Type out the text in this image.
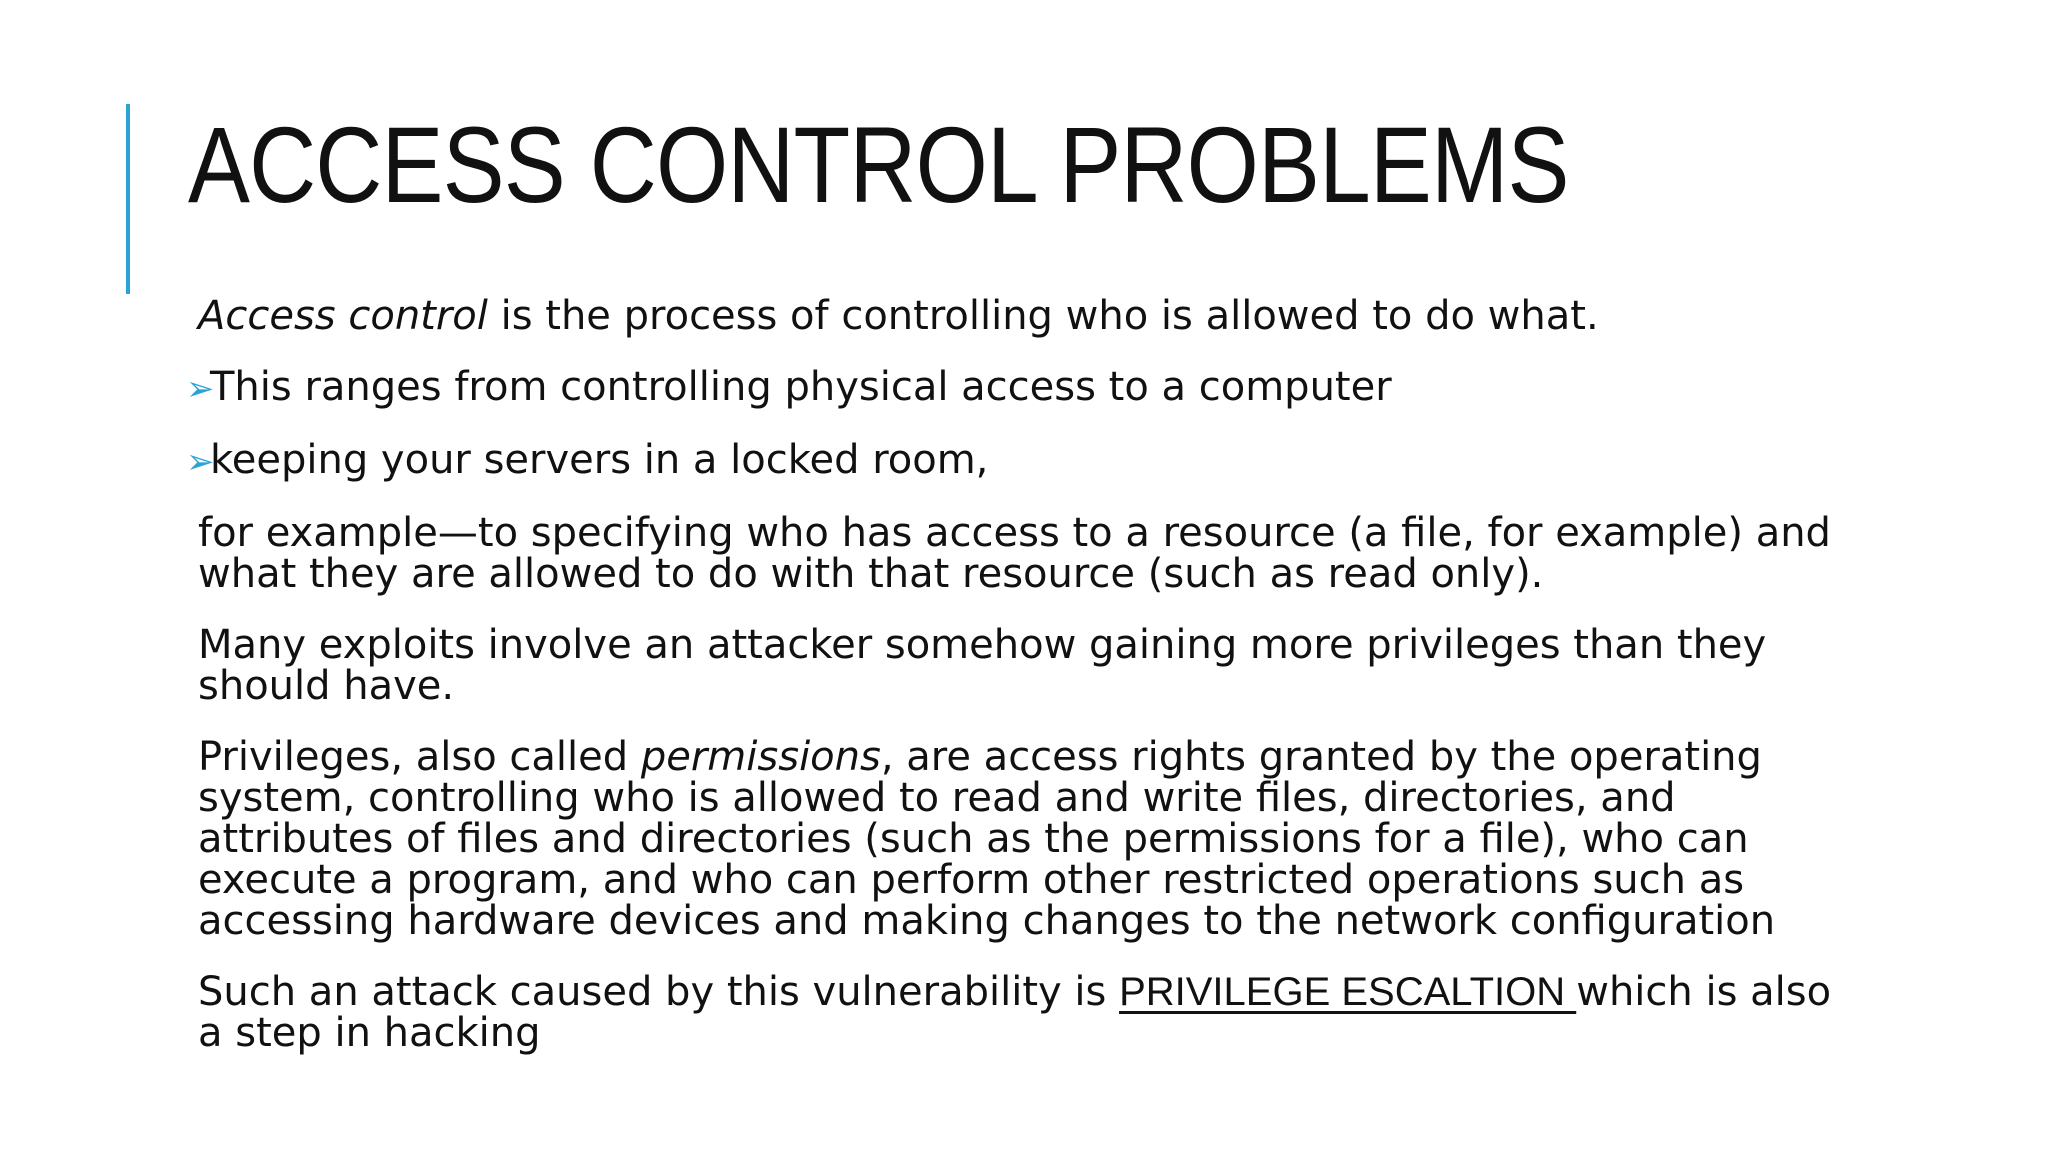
ACCESS CONTROL PROBLEMS

Access control is the process of controlling who is allowed to do what.

➢This ranges from controlling physical access to a computer

➢keeping your servers in a locked room,

for example—to specifying who has access to a resource (a file, for example) and what they are allowed to do with that resource (such as read only).

Many exploits involve an attacker somehow gaining more privileges than they should have.

Privileges, also called permissions, are access rights granted by the operating system, controlling who is allowed to read and write files, directories, and attributes of files and directories (such as the permissions for a file), who can execute a program, and who can perform other restricted operations such as accessing hardware devices and making changes to the network configuration

Such an attack caused by this vulnerability is PRIVILEGE ESCALTION which is also a step in hacking
